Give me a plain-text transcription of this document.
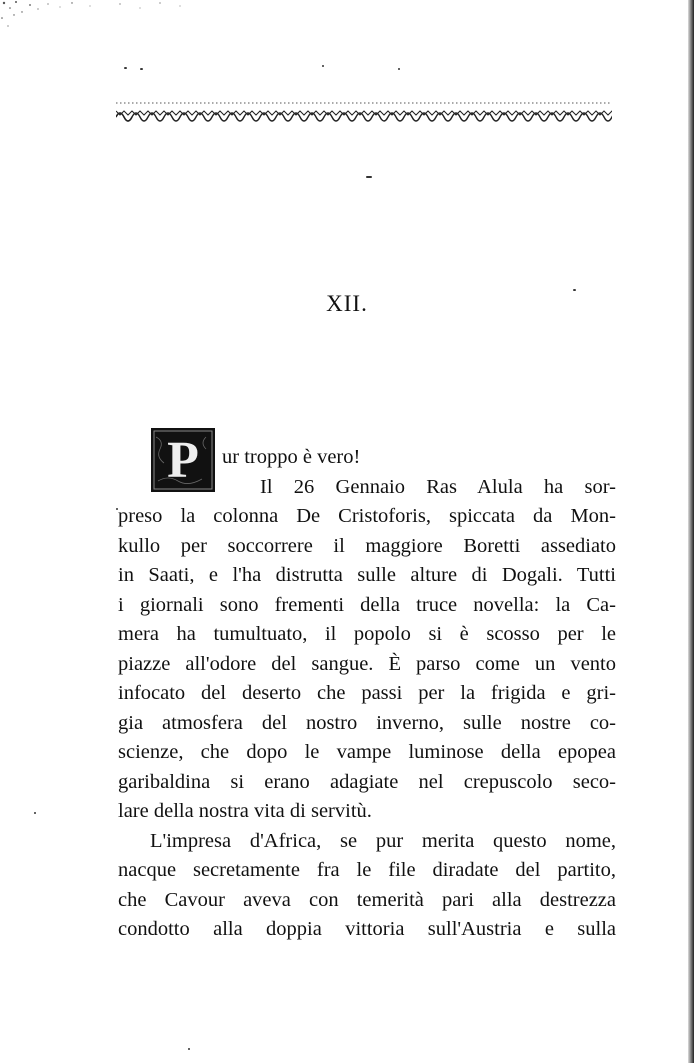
XII.
P	ur troppo è vero!
Il 26 Gennaio Ras Alula ha sor-
preso la colonna De Cristoforis, spiccata da Mon-
kullo per soccorrere il maggiore Boretti assediato
in Saati, e l'ha distrutta sulle alture di Dogali. Tutti
i giornali sono frementi della truce novella: la Ca-
mera ha tumultuato, il popolo si è scosso per le
piazze all'odore del sangue. È parso come un vento
infocato del deserto che passi per la frigida e gri-
gia atmosfera del nostro inverno, sulle nostre co-
scienze, che dopo le vampe luminose della epopea
garibaldina si erano adagiate nel crepuscolo seco-
lare della nostra vita di servitù.
L'impresa d'Africa, se pur merita questo nome,
nacque secretamente fra le file diradate del partito,
che Cavour aveva con temerità pari alla destrezza
condotto alla doppia vittoria sull'Austria e sulla
